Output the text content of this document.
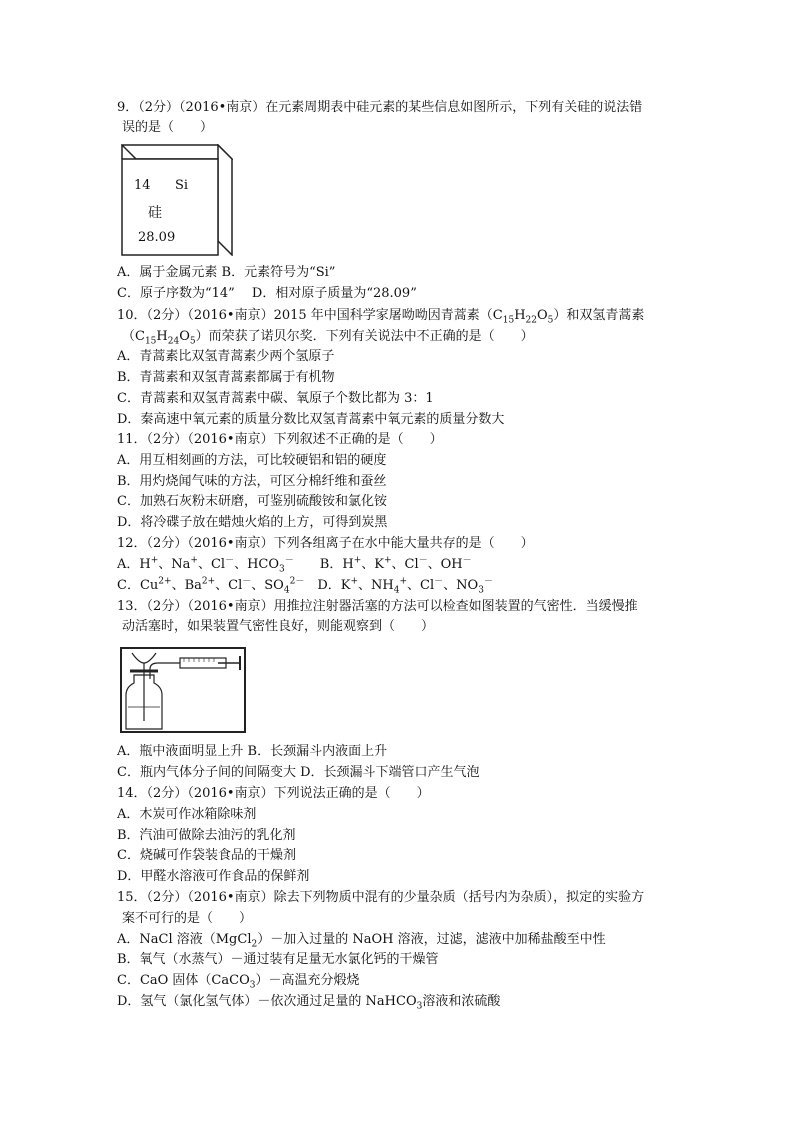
9．（2分）（2016•南京）在元素周期表中硅元素的某些信息如图所示，下列有关硅的说法错
误的是（　　）
14 Si
硅
28.09
A．属于金属元素 B．元素符号为“Si”
C．原子序数为“14”　 D．相对原子质量为“28.09”
10．（2分）（2016•南京）2015 年中国科学家屠呦呦因青蒿素$(C_{15}H_{22}O_5)$和双氢青蒿素
$(C_{15}H_{24}O_5)$而荣获了诺贝尔奖．下列有关说法中不正确的是（　　）
A．青蒿素比双氢青蒿素少两个氢原子
B．青蒿素和双氢青蒿素都属于有机物
C．青蒿素和双氢青蒿素中碳、氧原子个数比都为 3：1
D．秦高速中氧元素的质量分数比双氢青蒿素中氧元素的质量分数大
11．（2分）（2016•南京）下列叙述不正确的是（　　）
A．用互相刻画的方法，可比较硬铝和铝的硬度
B．用灼烧闻气味的方法，可区分棉纤维和蚕丝
C．加熟石灰粉末研磨，可鉴别硫酸铵和氯化铵
D．将冷碟子放在蜡烛火焰的上方，可得到炭黑
12．（2分）（2016•南京）下列各组离子在水中能大量共存的是（　　）
A．H+、Na+、Cl－、$HCO_3^-$　　B．H+、K+、Cl－、OH－
C．$Cu^{2+}$、$Ba^{2+}$、Cl－、$SO_4^{2-}$　D．K+、$NH_4^+$、Cl－、$NO_3^-$
13．（2分）（2016•南京）用推拉注射器活塞的方法可以检查如图装置的气密性．当缓慢推
动活塞时，如果装置气密性良好，则能观察到（　　）
A．瓶中液面明显上升 B．长颈漏斗内液面上升
C．瓶内气体分子间的间隔变大 D．长颈漏斗下端管口产生气泡
14．（2分）（2016•南京）下列说法正确的是（　　）
A．木炭可作冰箱除味剂
B．汽油可做除去油污的乳化剂
C．烧碱可作袋装食品的干燥剂
D．甲醛水溶液可作食品的保鲜剂
15．（2分）（2016•南京）除去下列物质中混有的少量杂质（括号内为杂质），拟定的实验方
案不可行的是（　　）
A．NaCl 溶液（MgCl$_2$）－加入过量的 NaOH 溶液，过滤，滤液中加稀盐酸至中性
B．氧气（水蒸气）－通过装有足量无水氯化钙的干燥管
C．CaO 固体（CaCO$_3$）－高温充分煅烧
D．氢气（氯化氢气体）－依次通过足量的 NaHCO$_3$溶液和浓硫酸
